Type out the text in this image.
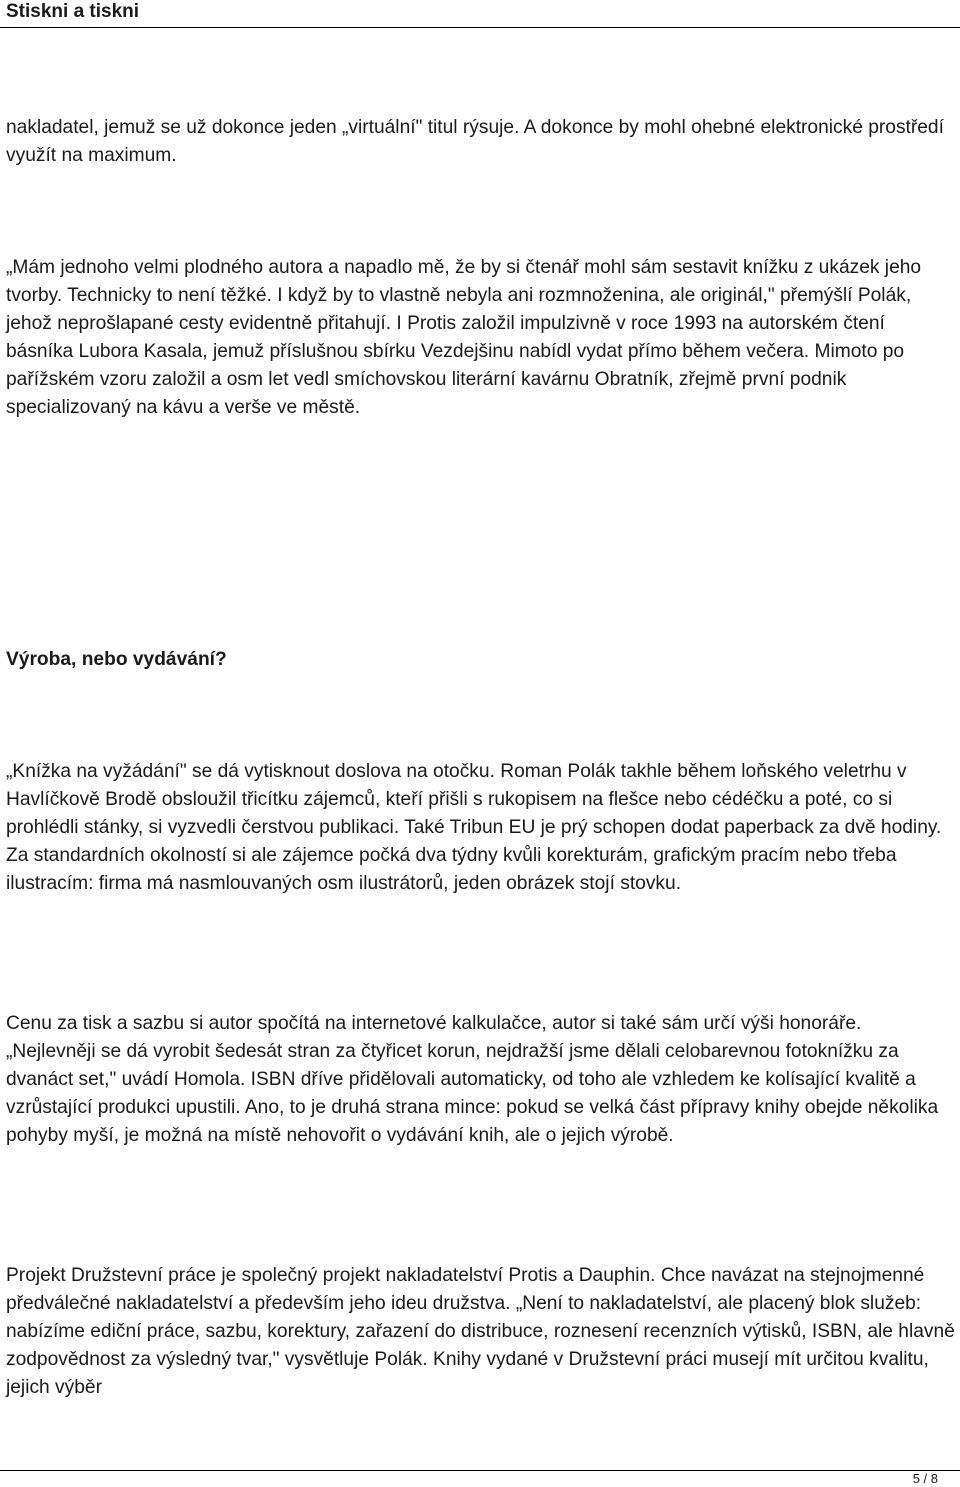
Stiskni a tiskni

nakladatel, jemuž se už dokonce jeden „virtuální" titul rýsuje. A dokonce by mohl ohebné elektronické prostředí využít na maximum.

„Mám jednoho velmi plodného autora a napadlo mě, že by si čtenář mohl sám sestavit knížku z ukázek jeho tvorby. Technicky to není těžké. I když by to vlastně nebyla ani rozmnoženina, ale originál," přemýšlí Polák, jehož neprošlapané cesty evidentně přitahují. I Protis založil impulzivně v roce 1993 na autorském čtení básníka Lubora Kasala, jemuž příslušnou sbírku Vezdejšinu nabídl vydat přímo během večera. Mimoto po pařížském vzoru založil a osm let vedl smíchovskou literární kavárnu Obratník, zřejmě první podnik specializovaný na kávu a verše ve městě.

Výroba, nebo vydávání?

„Knížka na vyžádání" se dá vytisknout doslova na otočku. Roman Polák takhle během loňského veletrhu v Havlíčkově Brodě obsloužil třicítku zájemců, kteří přišli s rukopisem na flešce nebo cédéčku a poté, co si prohlédli stánky, si vyzvedli čerstvou publikaci. Také Tribun EU je prý schopen dodat paperback za dvě hodiny. Za standardních okolností si ale zájemce počká dva týdny kvůli korekturám, grafickým pracím nebo třeba ilustracím: firma má nasmlouvaných osm ilustrátorů, jeden obrázek stojí stovku.

Cenu za tisk a sazbu si autor spočítá na internetové kalkulačce, autor si také sám určí výši honoráře. „Nejlevněji se dá vyrobit šedesát stran za čtyřicet korun, nejdražší jsme dělali celobarevnou fotoknížku za dvanáct set," uvádí Homola. ISBN dříve přidělovali automaticky, od toho ale vzhledem ke kolísající kvalitě a vzrůstající produkci upustili. Ano, to je druhá strana mince: pokud se velká část přípravy knihy obejde několika pohyby myší, je možná na místě nehovořit o vydávání knih, ale o jejich výrobě.

Projekt Družstevní práce je společný projekt nakladatelství Protis a Dauphin. Chce navázat na stejnojmenné předválečné nakladatelství a především jeho ideu družstva. „Není to nakladatelství, ale placený blok služeb: nabízíme ediční práce, sazbu, korektury, zařazení do distribuce, roznesení recenzních výtisků, ISBN, ale hlavně zodpovědnost za výsledný tvar," vysvětluje Polák. Knihy vydané v Družstevní práci musejí mít určitou kvalitu, jejich výběr

5 / 8
